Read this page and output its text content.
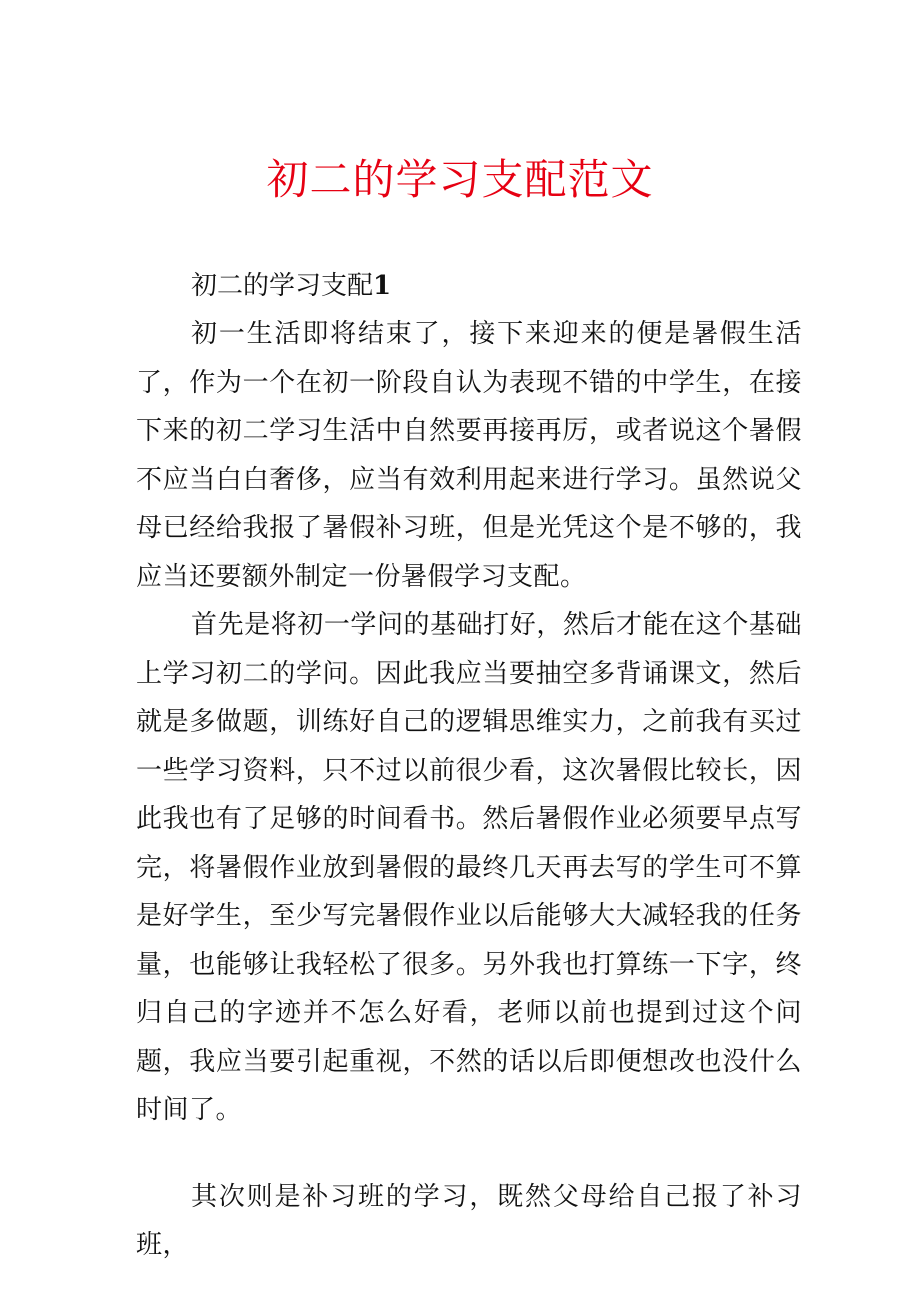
初二的学习支配范文

初二的学习支配1

初一生活即将结束了，接下来迎来的便是暑假生活了，作为一个在初一阶段自认为表现不错的中学生，在接下来的初二学习生活中自然要再接再厉，或者说这个暑假不应当白白奢侈，应当有效利用起来进行学习。虽然说父母已经给我报了暑假补习班，但是光凭这个是不够的，我应当还要额外制定一份暑假学习支配。

首先是将初一学问的基础打好，然后才能在这个基础上学习初二的学问。因此我应当要抽空多背诵课文，然后就是多做题，训练好自己的逻辑思维实力，之前我有买过一些学习资料，只不过以前很少看，这次暑假比较长，因此我也有了足够的时间看书。然后暑假作业必须要早点写完，将暑假作业放到暑假的最终几天再去写的学生可不算是好学生，至少写完暑假作业以后能够大大减轻我的任务量，也能够让我轻松了很多。另外我也打算练一下字，终归自己的字迹并不怎么好看，老师以前也提到过这个问题，我应当要引起重视，不然的话以后即便想改也没什么时间了。

其次则是补习班的学习，既然父母给自己报了补习班，
